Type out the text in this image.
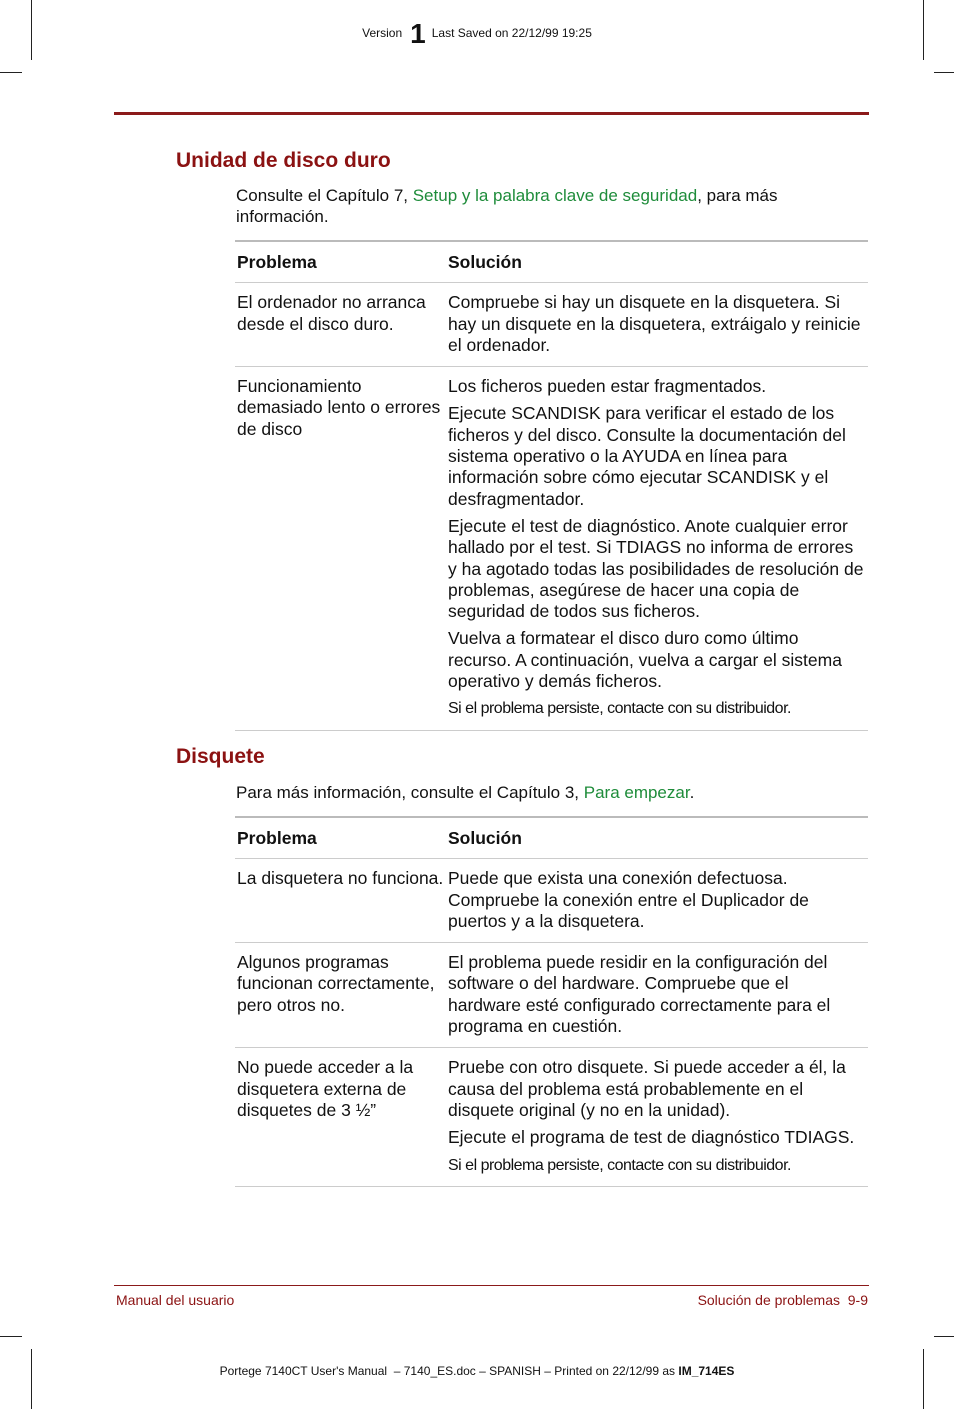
Version 1 Last Saved on 22/12/99 19:25
Unidad de disco duro
Consulte el Capítulo 7, Setup y la palabra clave de seguridad, para más información.
Problema	Solución
El ordenador no arranca desde el disco duro.	Compruebe si hay un disquete en la disquetera. Si hay un disquete en la disquetera, extráigalo y reinicie el ordenador.

Funcionamiento demasiado lento o errores de disco	Los ficheros pueden estar fragmentados.

Ejecute SCANDISK para verificar el estado de los ficheros y del disco. Consulte la documentación del sistema operativo o la AYUDA en línea para información sobre cómo ejecutar SCANDISK y el desfragmentador.

Ejecute el test de diagnóstico. Anote cualquier error hallado por el test. Si TDIAGS no informa de errores y ha agotado todas las posibilidades de resolución de problemas, asegúrese de hacer una copia de seguridad de todos sus ficheros.

Vuelva a formatear el disco duro como último recurso. A continuación, vuelva a cargar el sistema operativo y demás ficheros.

Si el problema persiste, contacte con su distribuidor.

Disquete
Para más información, consulte el Capítulo 3, Para empezar.
Problema	Solución
La disquetera no funciona.	Puede que exista una conexión defectuosa. Compruebe la conexión entre el Duplicador de puertos y a la disquetera.

Algunos programas funcionan correctamente, pero otros no.	El problema puede residir en la configuración del software o del hardware. Compruebe que el hardware esté configurado correctamente para el programa en cuestión.

No puede acceder a la disquetera externa de disquetes de 3 ½”	Pruebe con otro disquete. Si puede acceder a él, la causa del problema está probablemente en el disquete original (y no en la unidad).

Ejecute el programa de test de diagnóstico TDIAGS.

Si el problema persiste, contacte con su distribuidor.

Manual del usuario	Solución de problemas  9-9
Portege 7140CT User's Manual  – 7140_ES.doc – SPANISH – Printed on 22/12/99 as IM_714ES
